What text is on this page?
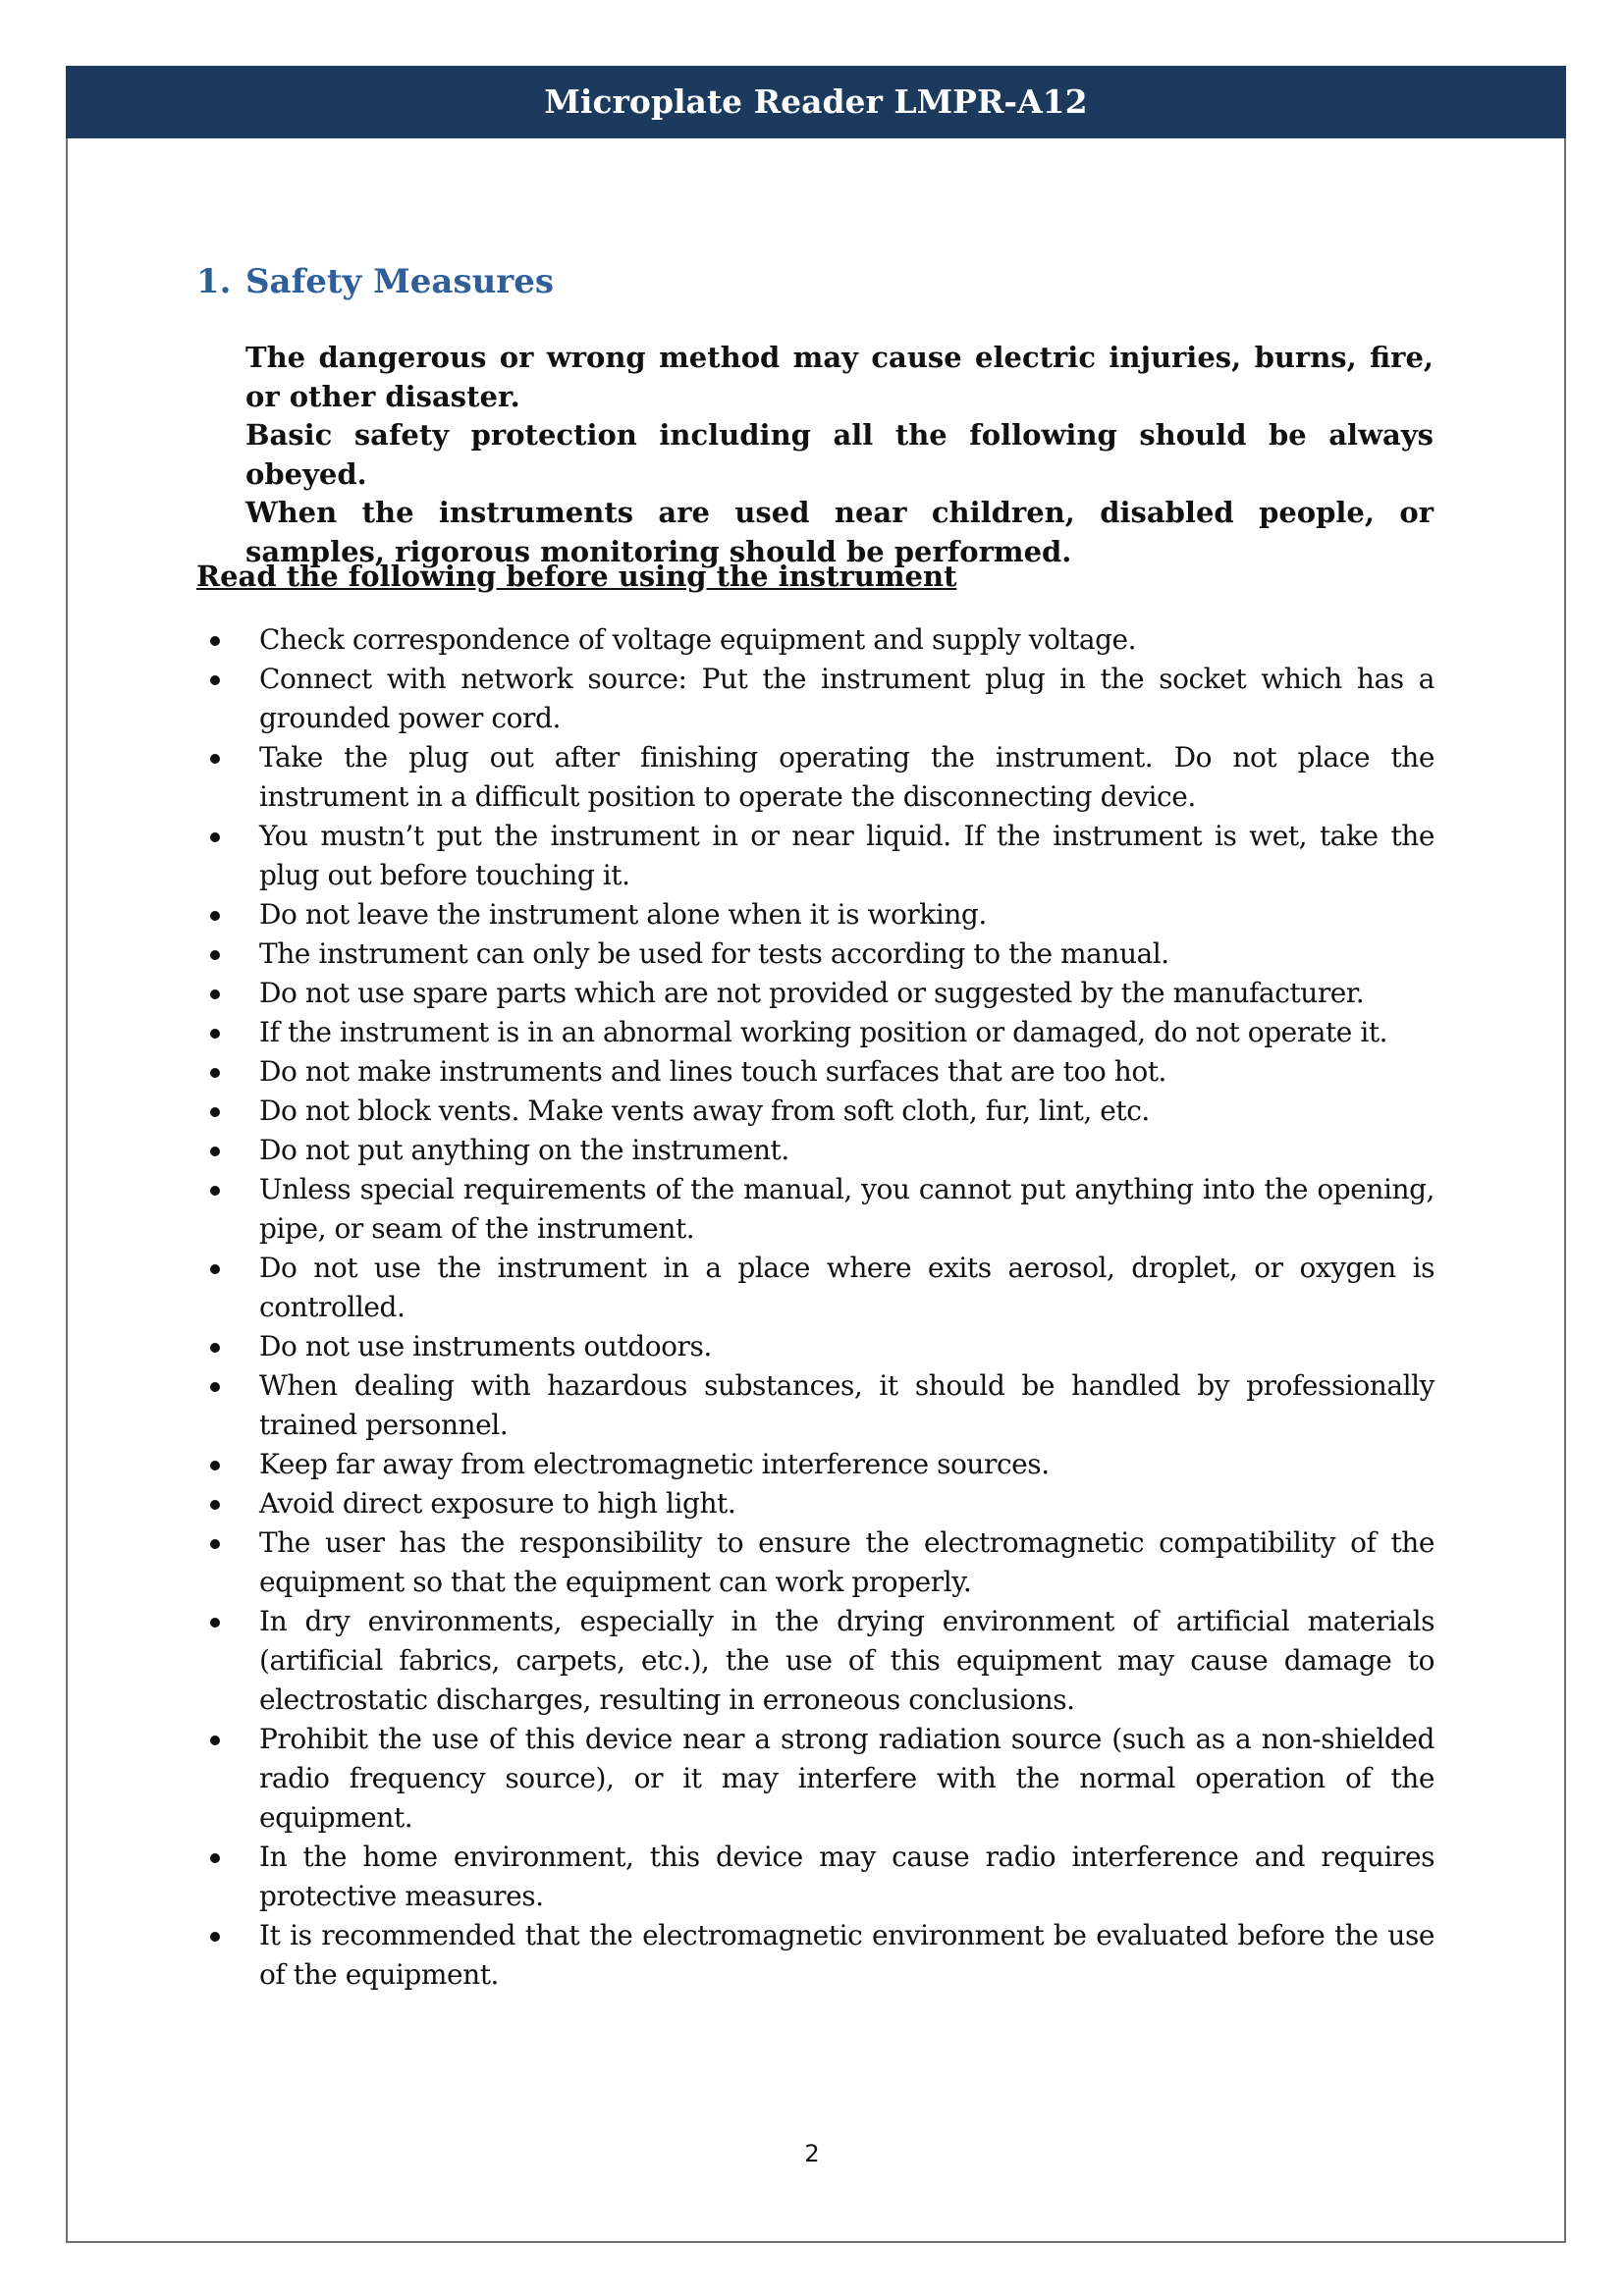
Microplate Reader LMPR-A12
1. Safety Measures

The dangerous or wrong method may cause electric injuries, burns, fire, or other disaster.

Basic safety protection including all the following should be always obeyed.

When the instruments are used near children, disabled people, or samples, rigorous monitoring should be performed.

Read the following before using the instrument

Check correspondence of voltage equipment and supply voltage.
Connect with network source: Put the instrument plug in the socket which has a grounded power cord.
Take the plug out after finishing operating the instrument. Do not place the instrument in a difficult position to operate the disconnecting device.
You mustn’t put the instrument in or near liquid. If the instrument is wet, take the plug out before touching it.
Do not leave the instrument alone when it is working.
The instrument can only be used for tests according to the manual.
Do not use spare parts which are not provided or suggested by the manufacturer.
If the instrument is in an abnormal working position or damaged, do not operate it.
Do not make instruments and lines touch surfaces that are too hot.
Do not block vents. Make vents away from soft cloth, fur, lint, etc.
Do not put anything on the instrument.
Unless special requirements of the manual, you cannot put anything into the opening, pipe, or seam of the instrument.
Do not use the instrument in a place where exits aerosol, droplet, or oxygen is controlled.
Do not use instruments outdoors.
When dealing with hazardous substances, it should be handled by professionally trained personnel.
Keep far away from electromagnetic interference sources.
Avoid direct exposure to high light.
The user has the responsibility to ensure the electromagnetic compatibility of the equipment so that the equipment can work properly.
In dry environments, especially in the drying environment of artificial materials (artificial fabrics, carpets, etc.), the use of this equipment may cause damage to electrostatic discharges, resulting in erroneous conclusions.
Prohibit the use of this device near a strong radiation source (such as a non-shielded radio frequency source), or it may interfere with the normal operation of the equipment.
In the home environment, this device may cause radio interference and requires protective measures.
It is recommended that the electromagnetic environment be evaluated before the use of the equipment.
2
